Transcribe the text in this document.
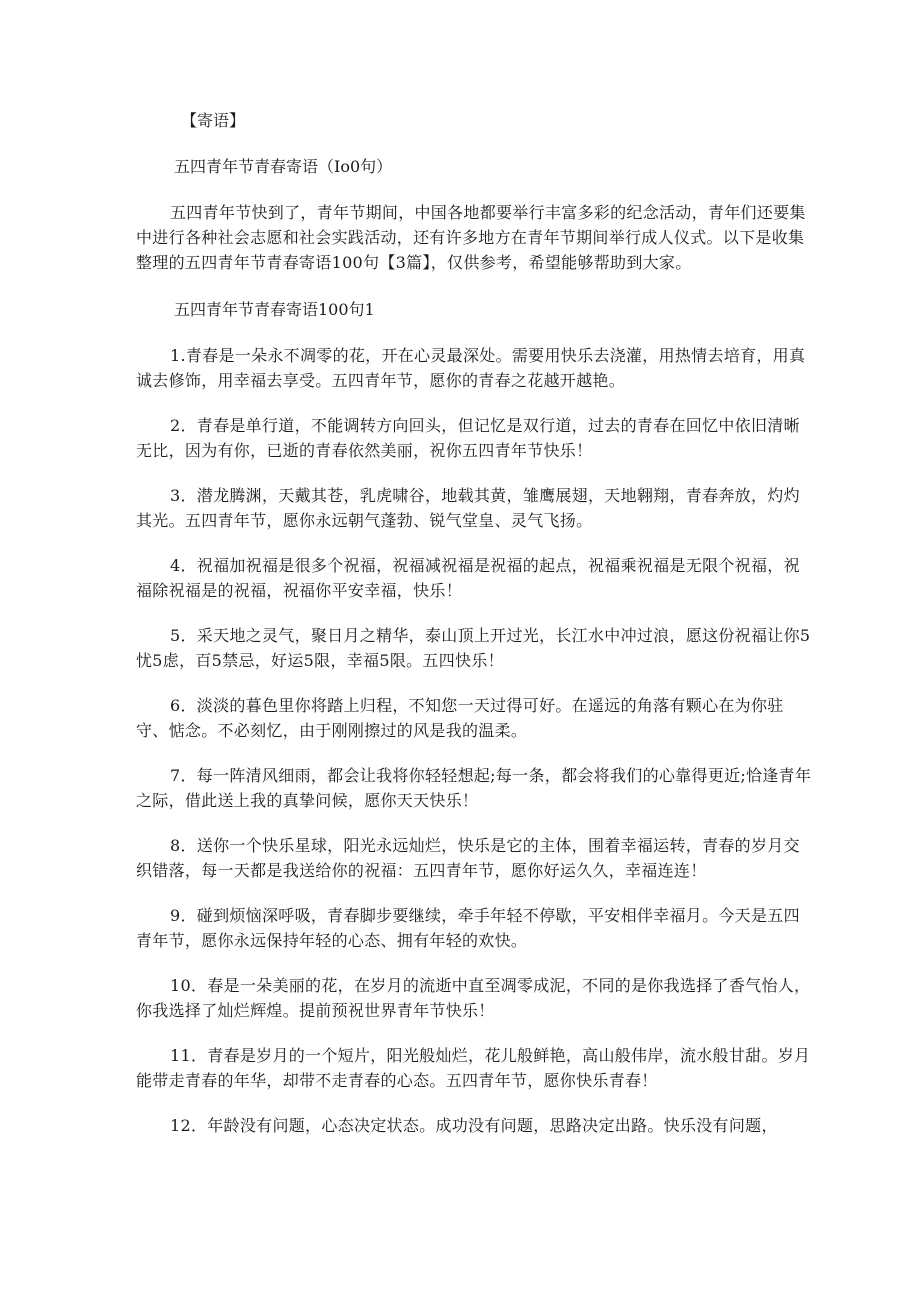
【寄语】

五四青年节青春寄语（Io0句）

五四青年节快到了，青年节期间，中国各地都要举行丰富多彩的纪念活动，青年们还要集中进行各种社会志愿和社会实践活动，还有许多地方在青年节期间举行成人仪式。以下是收集整理的五四青年节青春寄语100句【3篇】，仅供参考，希望能够帮助到大家。

五四青年节青春寄语100句1

1.青春是一朵永不凋零的花，开在心灵最深处。需要用快乐去浇灌，用热情去培育，用真诚去修饰，用幸福去享受。五四青年节，愿你的青春之花越开越艳。

2．青春是单行道，不能调转方向回头，但记忆是双行道，过去的青春在回忆中依旧清晰无比，因为有你，已逝的青春依然美丽，祝你五四青年节快乐！

3．潜龙腾渊，天戴其苍，乳虎啸谷，地载其黄，雏鹰展翅，天地翱翔，青春奔放，灼灼其光。五四青年节，愿你永远朝气蓬勃、锐气堂皇、灵气飞扬。

4．祝福加祝福是很多个祝福，祝福减祝福是祝福的起点，祝福乘祝福是无限个祝福，祝福除祝福是的祝福，祝福你平安幸福，快乐！

5．采天地之灵气，聚日月之精华，泰山顶上开过光，长江水中冲过浪，愿这份祝福让你5忧5虑，百5禁忌，好运5限，幸福5限。五四快乐！

6．淡淡的暮色里你将踏上归程，不知您一天过得可好。在遥远的角落有颗心在为你驻守、惦念。不必刻忆，由于刚刚擦过的风是我的温柔。

7．每一阵清风细雨，都会让我将你轻轻想起;每一条，都会将我们的心靠得更近;恰逢青年之际，借此送上我的真挚问候，愿你天天快乐！

8．送你一个快乐星球，阳光永远灿烂，快乐是它的主体，围着幸福运转，青春的岁月交织错落，每一天都是我送给你的祝福：五四青年节，愿你好运久久，幸福连连！

9．碰到烦恼深呼吸，青春脚步要继续，牵手年轻不停歇，平安相伴幸福月。今天是五四青年节，愿你永远保持年轻的心态、拥有年轻的欢快。

10．春是一朵美丽的花，在岁月的流逝中直至凋零成泥，不同的是你我选择了香气怡人，你我选择了灿烂辉煌。提前预祝世界青年节快乐！

11．青春是岁月的一个短片，阳光般灿烂，花儿般鲜艳，高山般伟岸，流水般甘甜。岁月能带走青春的年华，却带不走青春的心态。五四青年节，愿你快乐青春！

12．年龄没有问题，心态决定状态。成功没有问题，思路决定出路。快乐没有问题，
